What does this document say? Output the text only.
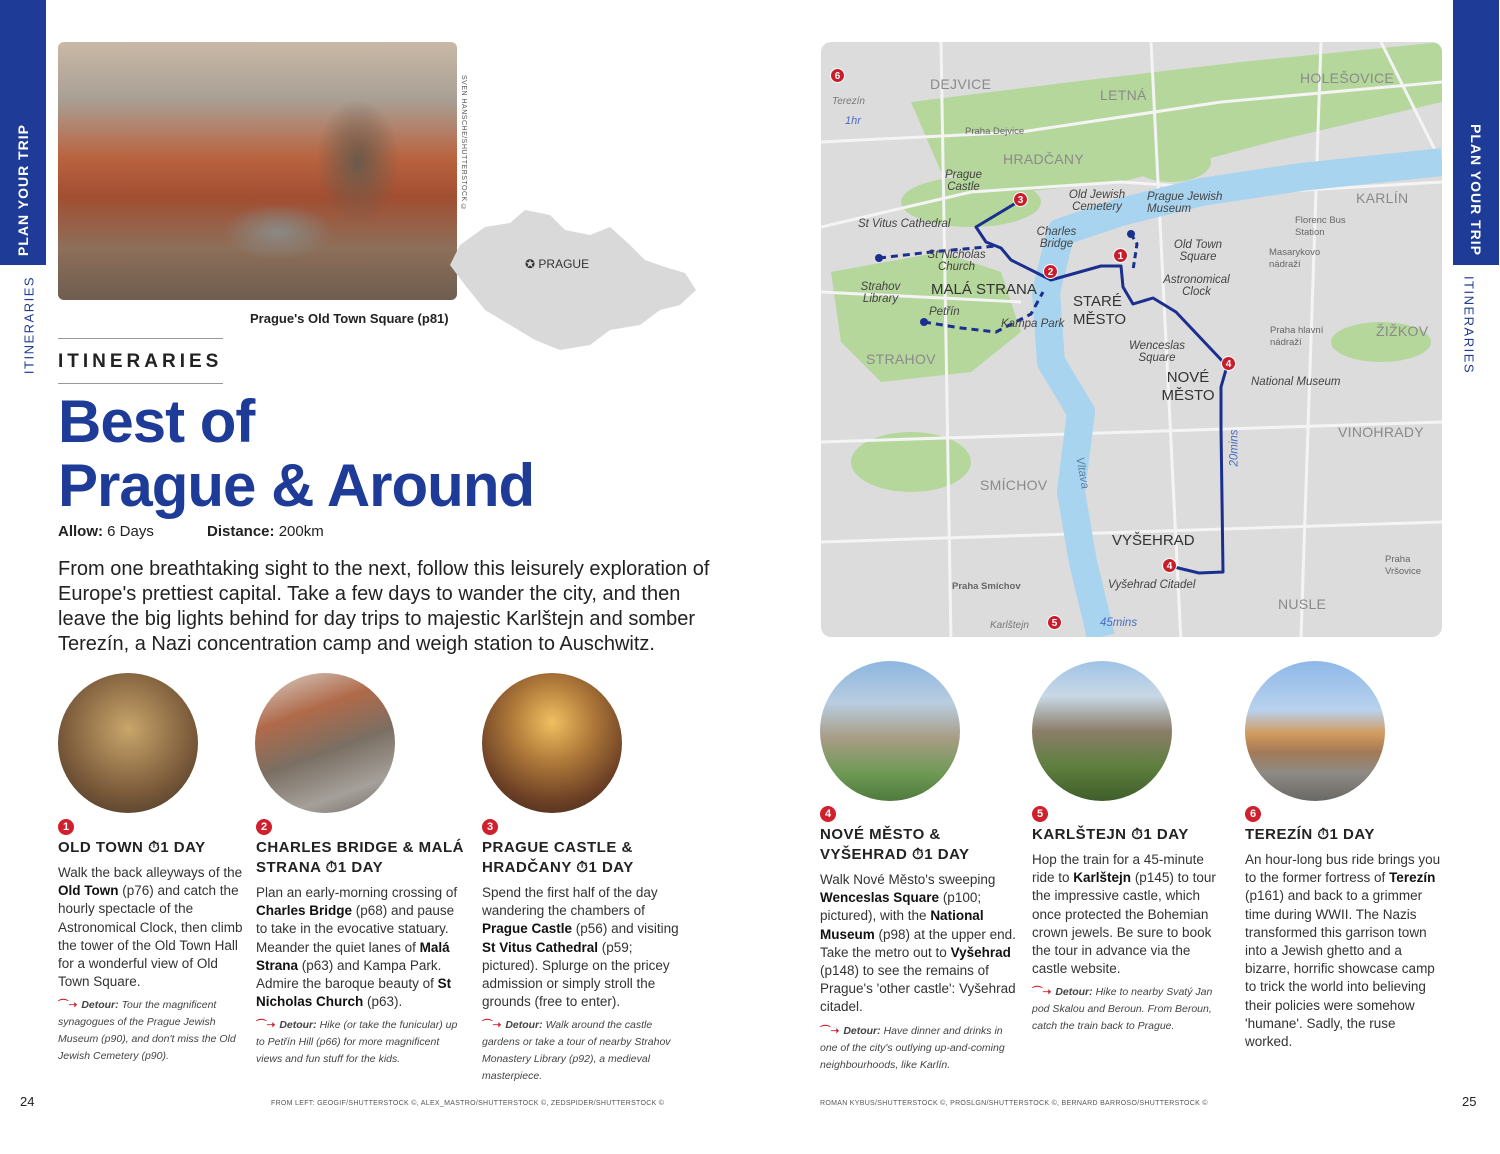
PLAN YOUR TRIP
ITINERARIES
PLAN YOUR TRIP
ITINERARIES
SVEN HANSCHE/SHUTTERSTOCK ©
Prague's Old Town Square (p81)
✪ PRAGUE
ITINERARIES
Best of
Prague & Around
Allow: 6 Days	Distance: 200km
From one breathtaking sight to the next, follow this leisurely exploration of Europe's prettiest capital. Take a few days to wander the city, and then leave the big lights behind for day trips to majestic Karlštejn and somber Terezín, a Nazi concentration camp and weigh station to Auschwitz.
1
OLD TOWN ⏱1 DAY
Walk the back alleyways of the Old Town (p76) and catch the hourly spectacle of the Astronomical Clock, then climb the tower of the Old Town Hall for a wonderful view of Old Town Square.
⌒➝ Detour: Tour the magnificent synagogues of the Prague Jewish Museum (p90), and don't miss the Old Jewish Cemetery (p90).
2
CHARLES BRIDGE & MALÁ STRANA ⏱1 DAY
Plan an early-morning crossing of Charles Bridge (p68) and pause to take in the evocative statuary. Meander the quiet lanes of Malá Strana (p63) and Kampa Park. Admire the baroque beauty of St Nicholas Church (p63).
⌒➝ Detour: Hike (or take the funicular) up to Petřín Hill (p66) for more magnificent views and fun stuff for the kids.
3
PRAGUE CASTLE & HRADČANY ⏱1 DAY
Spend the first half of the day wandering the chambers of Prague Castle (p56) and visiting St Vitus Cathedral (p59; pictured). Splurge on the pricey admission or simply stroll the grounds (free to enter).
⌒➝ Detour: Walk around the castle gardens or take a tour of nearby Strahov Monastery Library (p92), a medieval masterpiece.
4
NOVÉ MĚSTO & VYŠEHRAD ⏱1 DAY
Walk Nové Město's sweeping Wenceslas Square (p100; pictured), with the National Museum (p98) at the upper end. Take the metro out to Vyšehrad (p148) to see the remains of Prague's 'other castle': Vyšehrad citadel.
⌒➝ Detour: Have dinner and drinks in one of the city's outlying up-and-coming neighbourhoods, like Karlín.
5
KARLŠTEJN ⏱1 DAY
Hop the train for a 45-minute ride to Karlštejn (p145) to tour the impressive castle, which once protected the Bohemian crown jewels. Be sure to book the tour in advance via the castle website.
⌒➝ Detour: Hike to nearby Svatý Jan pod Skalou and Beroun. From Beroun, catch the train back to Prague.
6
TEREZÍN ⏱1 DAY
An hour-long bus ride brings you to the former fortress of Terezín (p161) and back to a grimmer time during WWII. The Nazis transformed this garrison town into a Jewish ghetto and a bizarre, horrific showcase camp to trick the world into believing their policies were somehow 'humane'. Sadly, the ruse worked.
DEJVICE
LETNÁ
HOLEŠOVICE
HRADČANY
KARLÍN
STRAHOV
ŽIŽKOV
VINOHRADY
SMÍCHOV
NUSLE
MALÁ STRANA
STARÉ MĚSTO
NOVÉ MĚSTO
VYŠEHRAD
Prague Castle
St Vitus Cathedral
Old Jewish Cemetery
Prague Jewish Museum
Charles Bridge	Old Town Square
St Nicholas Church
Astronomical Clock
Strahov Library
Petřín
Kampa Park
Wenceslas Square
National Museum
Vyšehrad Citadel
Vltava
Praha Dejvice
Florenc Bus Station
Masarykovo nádraží
Praha hlavní nádraží
Praha Smíchov
Praha Vršovice
Terezín
1hr
Karlštejn	45mins
20mins
1
2
3
4
4
5
6
24	25
FROM LEFT: GEOGIF/SHUTTERSTOCK ©, ALEX_MASTRO/SHUTTERSTOCK ©, ZEDSPIDER/SHUTTERSTOCK ©	ROMAN KYBUS/SHUTTERSTOCK ©, PROSLGN/SHUTTERSTOCK ©, BERNARD BARROSO/SHUTTERSTOCK ©
